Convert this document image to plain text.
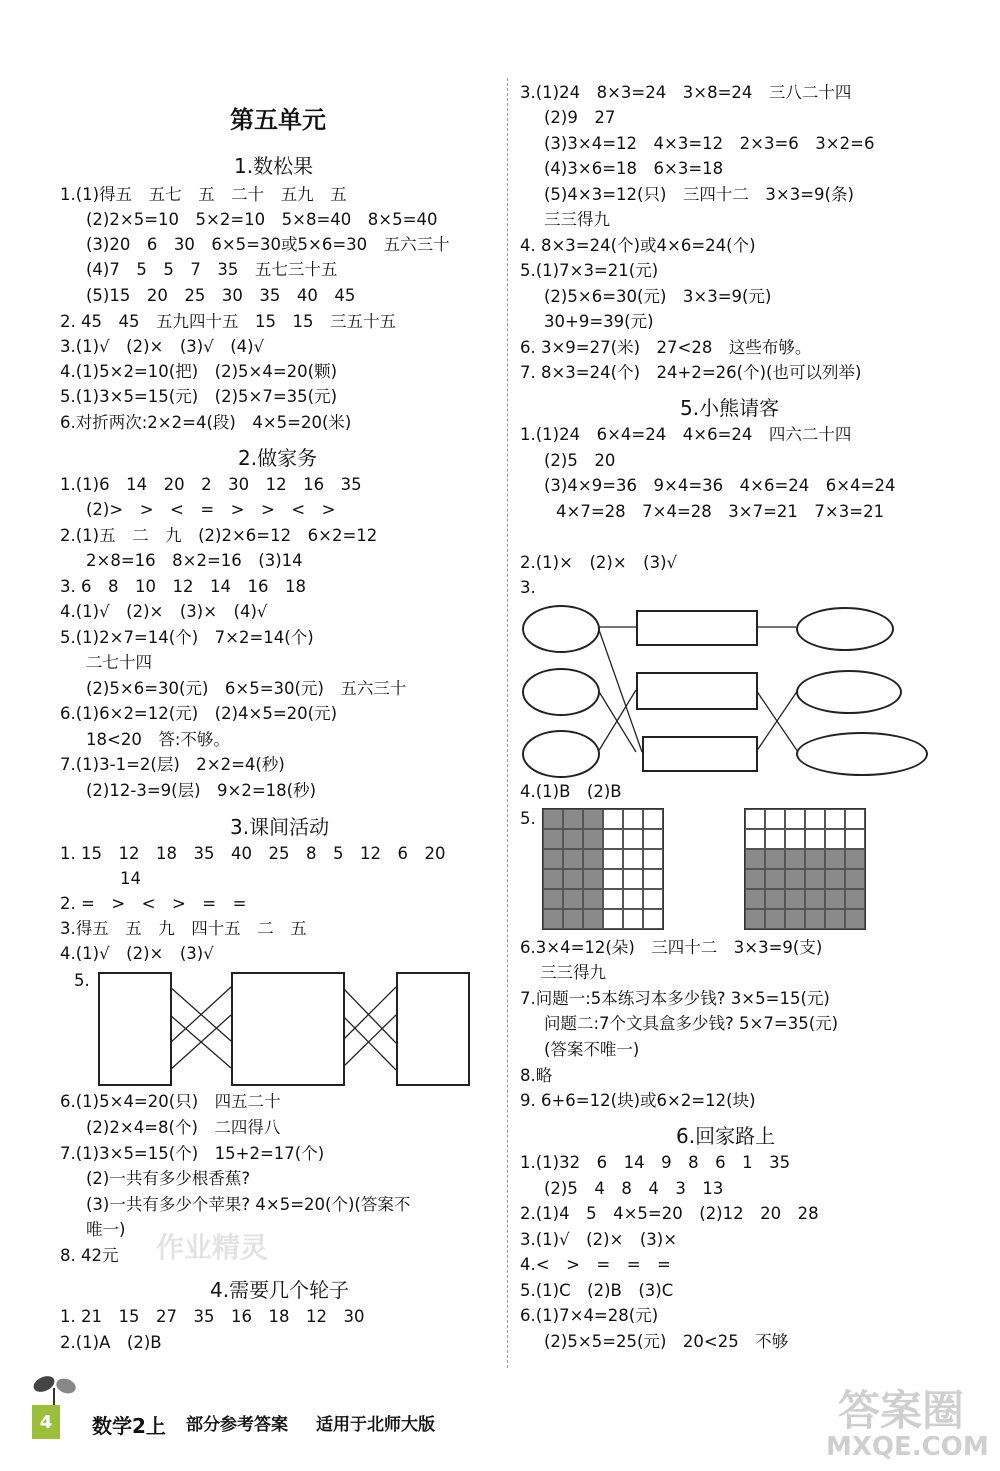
第五单元
1.数松果
1.(1)得五　五七　五　二十　五九　五
(2)2×5=10　5×2=10　5×8=40　8×5=40
(3)20　6　30　6×5=30或5×6=30　五六三十
(4)7　5　5　7　35　五七三十五
(5)15　20　25　30　35　40　45
2. 45　45　五九四十五　15　15　三五十五
3.(1)√　(2)×　(3)√　(4)√
4.(1)5×2=10(把)　(2)5×4=20(颗)
5.(1)3×5=15(元)　(2)5×7=35(元)
6.对折两次:2×2=4(段)　4×5=20(米)
2.做家务
1.(1)6　14　20　2　30　12　16　35
(2)>　>　<　=　>　>　<　>
2.(1)五　二　九　(2)2×6=12　6×2=12
2×8=16　8×2=16　(3)14
3. 6　8　10　12　14　16　18
4.(1)√　(2)×　(3)×　(4)√
5.(1)2×7=14(个)　7×2=14(个)
二七十四
(2)5×6=30(元)　6×5=30(元)　五六三十
6.(1)6×2=12(元)　(2)4×5=20(元)
18<20　答:不够。
7.(1)3-1=2(层)　2×2=4(秒)
(2)12-3=9(层)　9×2=18(秒)
3.课间活动
1. 15　12　18　35　40　25　8　5　12　6　20
14
2. =　>　<　>　=　=
3.得五　五　九　四十五　二　五
4.(1)√　(2)×　(3)√
5.
6.(1)5×4=20(只)　四五二十
(2)2×4=8(个)　二四得八
7.(1)3×5=15(个)　15+2=17(个)
(2)一共有多少根香蕉?
(3)一共有多少个苹果? 4×5=20(个)(答案不
唯一)
8. 42元
4.需要几个轮子
1. 21　15　27　35　16　18　12　30
2.(1)A　(2)B
3.(1)24　8×3=24　3×8=24　三八二十四
(2)9　27
(3)3×4=12　4×3=12　2×3=6　3×2=6
(4)3×6=18　6×3=18
(5)4×3=12(只)　三四十二　3×3=9(条)
三三得九
4. 8×3=24(个)或4×6=24(个)
5.(1)7×3=21(元)
(2)5×6=30(元)　3×3=9(元)
30+9=39(元)
6. 3×9=27(米)　27<28　这些布够。
7. 8×3=24(个)　24+2=26(个)(也可以列举)
5.小熊请客
1.(1)24　6×4=24　4×6=24　四六二十四
(2)5　20
(3)4×9=36　9×4=36　4×6=24　6×4=24
4×7=28　7×4=28　3×7=21　7×3=21
2.(1)×　(2)×　(3)√
3.
4.(1)B　(2)B
5.
6.3×4=12(朵)　三四十二　3×3=9(支)
三三得九
7.问题一:5本练习本多少钱? 3×5=15(元)
问题二:7个文具盒多少钱? 5×7=35(元)
(答案不唯一)
8.略
9. 6+6=12(块)或6×2=12(块)
6.回家路上
1.(1)32　6　14　9　8　6　1　35
(2)5　4　8　4　3　13
2.(1)4　5　4×5=20　(2)12　20　28
3.(1)√　(2)×　(3)×
4.<　>　=　=　=
5.(1)C　(2)B　(3)C
6.(1)7×4=28(元)
(2)5×5=25(元)　20<25　不够
4	数学2上 部分参考答案 适用于北师大版	答案圈
MXQE.COM
作业精灵
